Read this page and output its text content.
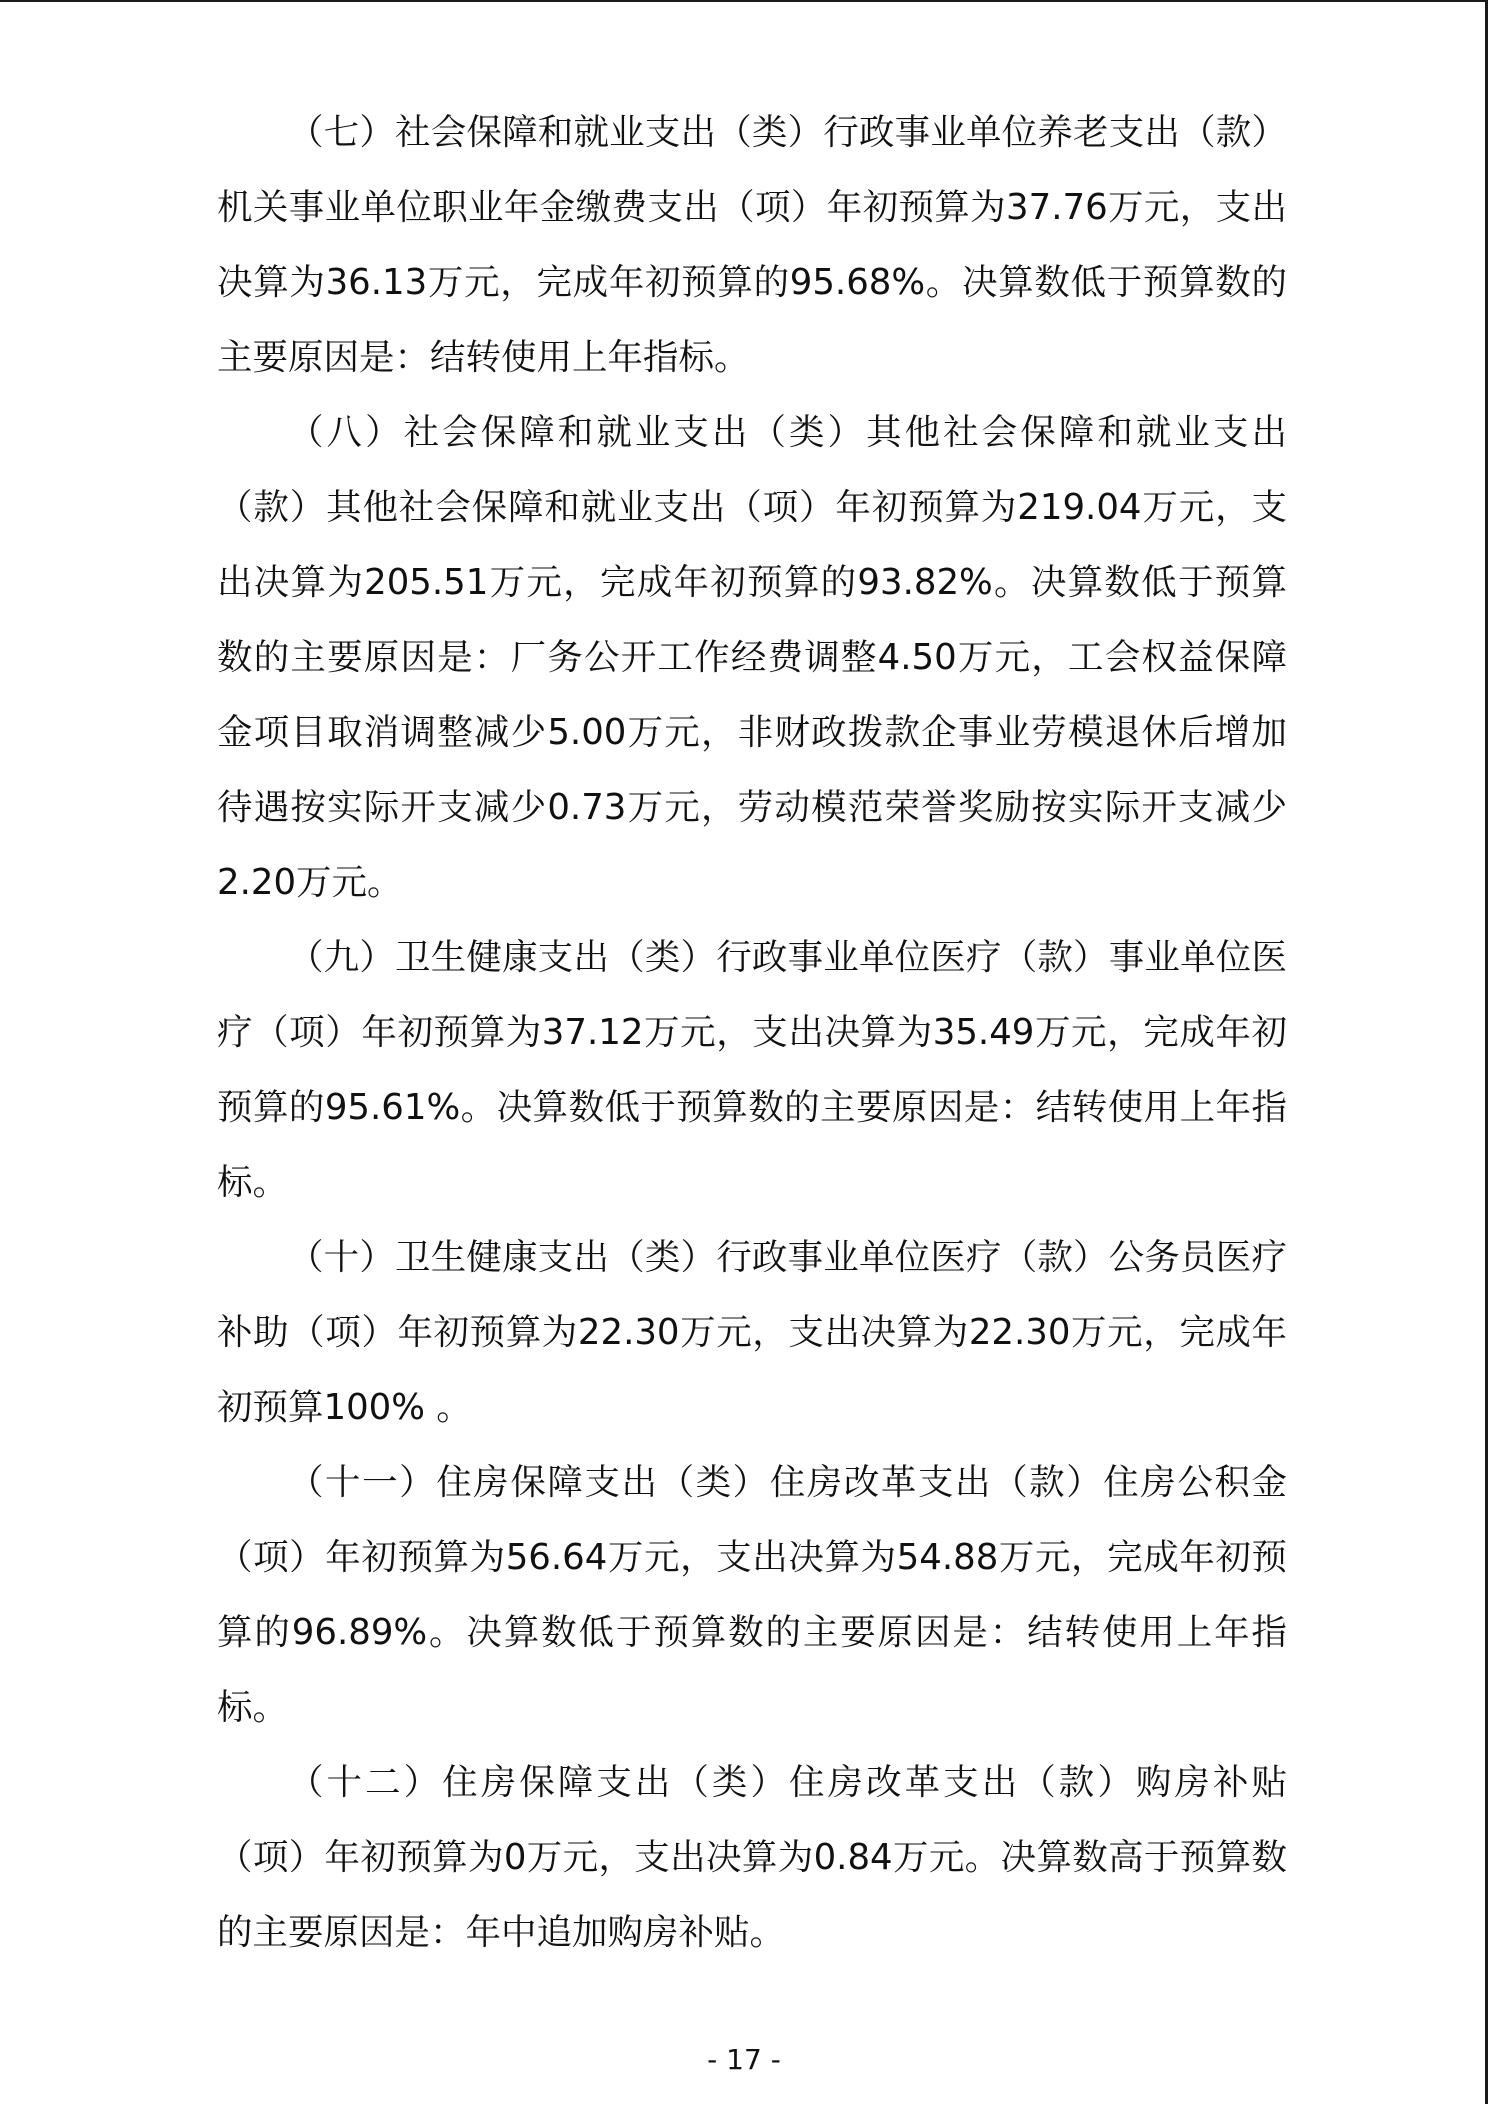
（七）社会保障和就业支出（类）行政事业单位养老支出（款）机关事业单位职业年金缴费支出（项）年初预算为37.76万元，支出决算为36.13万元，完成年初预算的95.68%。决算数低于预算数的主要原因是：结转使用上年指标。

（八）社会保障和就业支出（类）其他社会保障和就业支出（款）其他社会保障和就业支出（项）年初预算为219.04万元，支出决算为205.51万元，完成年初预算的93.82%。决算数低于预算数的主要原因是：厂务公开工作经费调整4.50万元，工会权益保障金项目取消调整减少5.00万元，非财政拨款企事业劳模退休后增加待遇按实际开支减少0.73万元，劳动模范荣誉奖励按实际开支减少2.20万元。

（九）卫生健康支出（类）行政事业单位医疗（款）事业单位医疗（项）年初预算为37.12万元，支出决算为35.49万元，完成年初预算的95.61%。决算数低于预算数的主要原因是：结转使用上年指标。

（十）卫生健康支出（类）行政事业单位医疗（款）公务员医疗补助（项）年初预算为22.30万元，支出决算为22.30万元，完成年初预算100% 。

（十一）住房保障支出（类）住房改革支出（款）住房公积金（项）年初预算为56.64万元，支出决算为54.88万元，完成年初预算的96.89%。决算数低于预算数的主要原因是：结转使用上年指标。

（十二）住房保障支出（类）住房改革支出（款）购房补贴（项）年初预算为0万元，支出决算为0.84万元。决算数高于预算数的主要原因是：年中追加购房补贴。

- 17 -
